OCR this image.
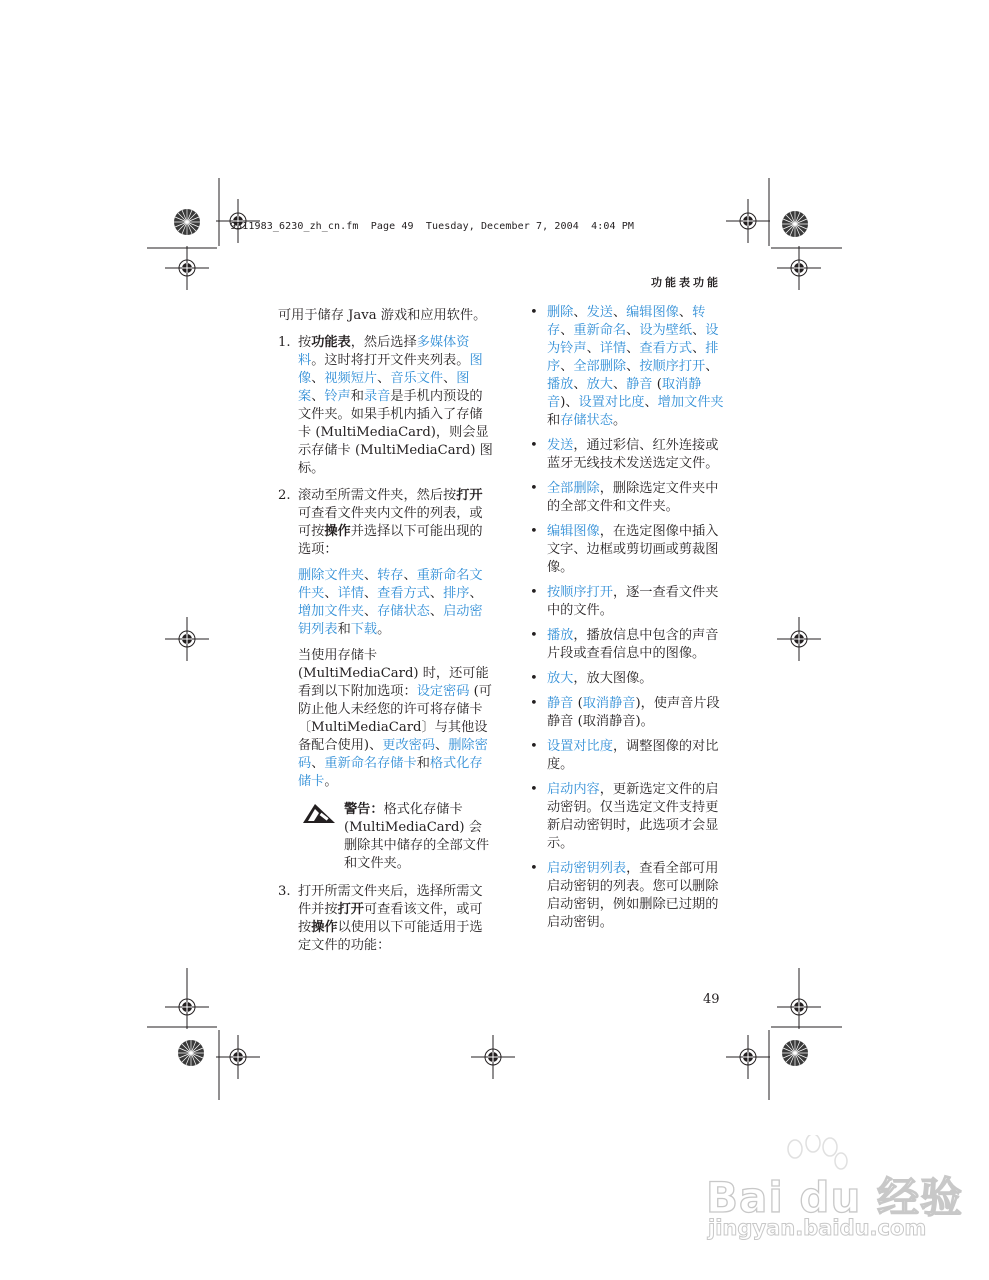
9311983_6230_zh_cn.fm  Page 49  Tuesday, December 7, 2004  4:04 PM
功能表功能

可用于储存 Java 游戏和应用软件。

1. 按功能表，然后选择多媒体资料。这时将打开文件夹列表。图像、视频短片、音乐文件、图案、铃声和录音是手机内预设的文件夹。如果手机内插入了存储卡 (MultiMediaCard)，则会显示存储卡 (MultiMediaCard) 图标。
2. 滚动至所需文件夹，然后按打开可查看文件夹内文件的列表，或可按操作并选择以下可能出现的选项：
删除文件夹、转存、重新命名文件夹、详情、查看方式、排序、增加文件夹、存储状态、启动密钥列表和下载。
当使用存储卡 (MultiMediaCard) 时，还可能看到以下附加选项：设定密码 (可防止他人未经您的许可将存储卡〔MultiMediaCard〕与其他设备配合使用)、更改密码、删除密码、重新命名存储卡和格式化存储卡。
警告：格式化存储卡 (MultiMediaCard) 会删除其中储存的全部文件和文件夹。
3. 打开所需文件夹后，选择所需文件并按打开可查看该文件，或可按操作以使用以下可能适用于选定文件的功能：
• 删除、发送、编辑图像、转存、重新命名、设为壁纸、设为铃声、详情、查看方式、排序、全部删除、按顺序打开、播放、放大、静音 (取消静音)、设置对比度、增加文件夹和存储状态。
• 发送，通过彩信、红外连接或蓝牙无线技术发送选定文件。
• 全部删除，删除选定文件夹中的全部文件和文件夹。
• 编辑图像，在选定图像中插入文字、边框或剪切画或剪裁图像。
• 按顺序打开，逐一查看文件夹中的文件。
• 播放，播放信息中包含的声音片段或查看信息中的图像。
• 放大，放大图像。
• 静音 (取消静音)，使声音片段静音 (取消静音)。
• 设置对比度，调整图像的对比度。
• 启动内容，更新选定文件的启动密钥。仅当选定文件支持更新启动密钥时，此选项才会显示。
• 启动密钥列表，查看全部可用启动密钥的列表。您可以删除启动密钥，例如删除已过期的启动密钥。
49
Bai du 经验
jingyan.baidu.com
